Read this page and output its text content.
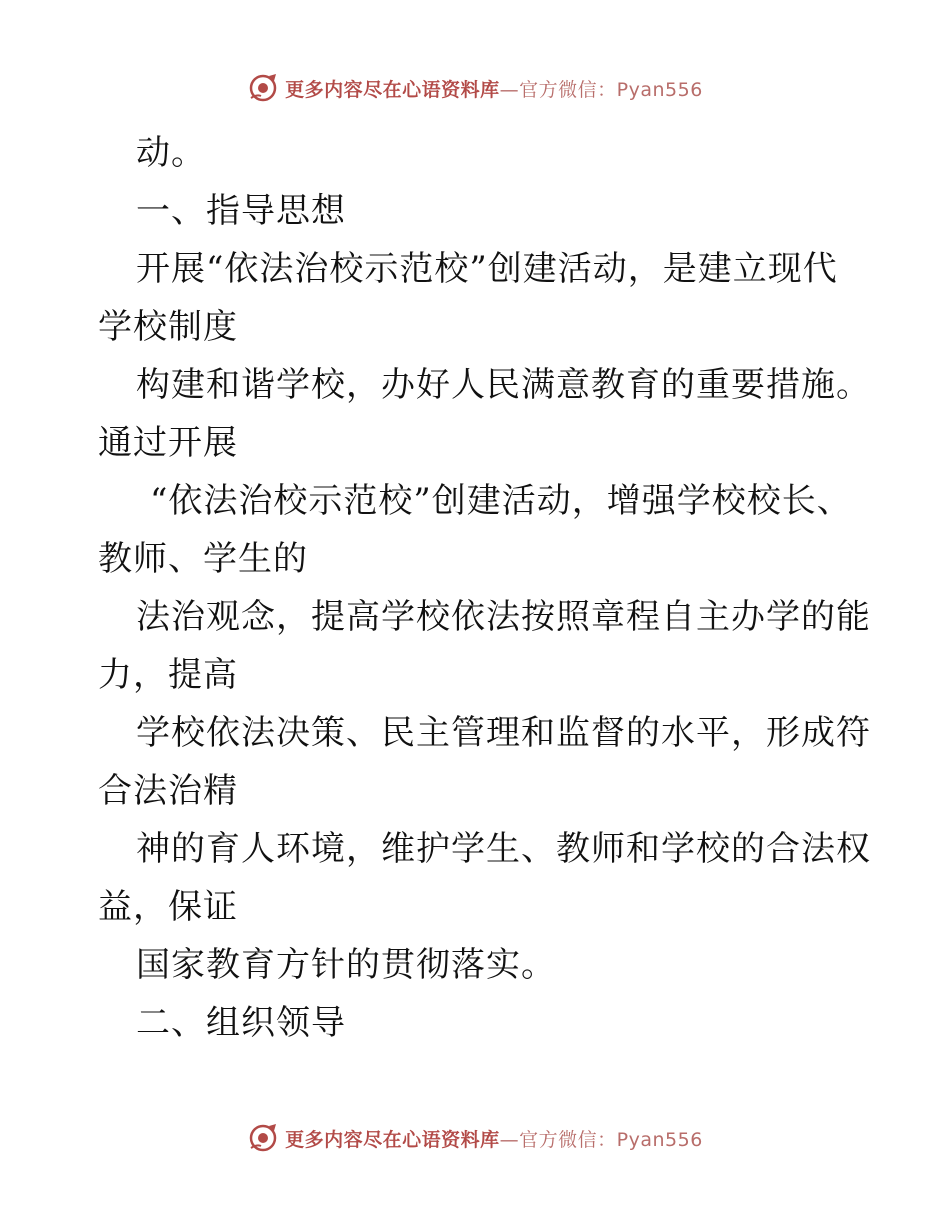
更多内容尽在心语资料库—官方微信：Pyan556
动。
一、指导思想
开展“依法治校示范校”创建活动，是建立现代
学校制度
构建和谐学校，办好人民满意教育的重要措施。
通过开展
“依法治校示范校”创建活动，增强学校校长、
教师、学生的
法治观念，提高学校依法按照章程自主办学的能
力，提高
学校依法决策、民主管理和监督的水平，形成符
合法治精
神的育人环境，维护学生、教师和学校的合法权
益，保证
国家教育方针的贯彻落实。
二、组织领导
更多内容尽在心语资料库—官方微信：Pyan556
